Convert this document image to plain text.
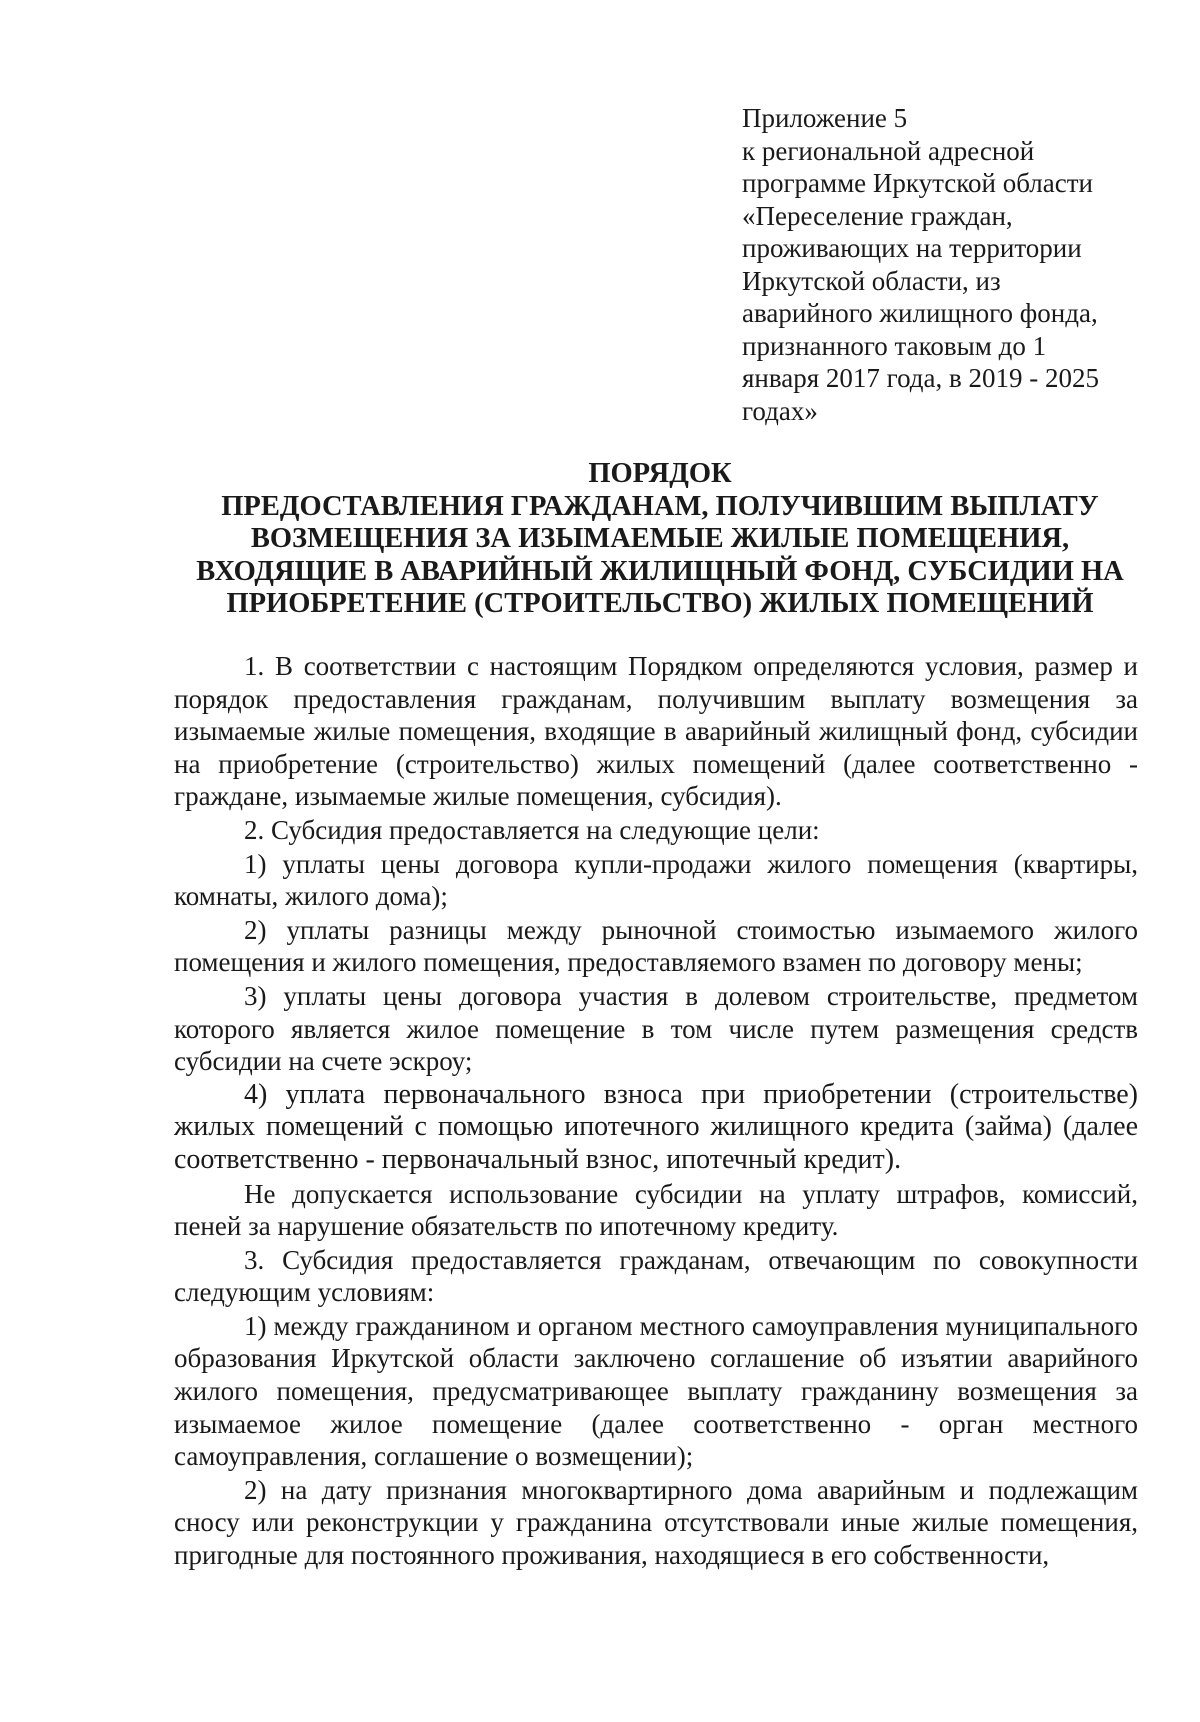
Приложение 5
к региональной адресной
программе Иркутской области
«Переселение граждан,
проживающих на территории
Иркутской области, из
аварийного жилищного фонда,
признанного таковым до 1
января 2017 года, в 2019 - 2025
годах»
ПОРЯДОК
ПРЕДОСТАВЛЕНИЯ ГРАЖДАНАМ, ПОЛУЧИВШИМ ВЫПЛАТУ
ВОЗМЕЩЕНИЯ ЗА ИЗЫМАЕМЫЕ ЖИЛЫЕ ПОМЕЩЕНИЯ,
ВХОДЯЩИЕ В АВАРИЙНЫЙ ЖИЛИЩНЫЙ ФОНД, СУБСИДИИ НА
ПРИОБРЕТЕНИЕ (СТРОИТЕЛЬСТВО) ЖИЛЫХ ПОМЕЩЕНИЙ

1. В соответствии с настоящим Порядком определяются условия, размер и порядок предоставления гражданам, получившим выплату возмещения за изымаемые жилые помещения, входящие в аварийный жилищный фонд, субсидии на приобретение (строительство) жилых помещений (далее соответственно - граждане, изымаемые жилые помещения, субсидия).

2. Субсидия предоставляется на следующие цели:

1) уплаты цены договора купли-продажи жилого помещения (квартиры, комнаты, жилого дома);

2) уплаты разницы между рыночной стоимостью изымаемого жилого помещения и жилого помещения, предоставляемого взамен по договору мены;

3) уплаты цены договора участия в долевом строительстве, предметом которого является жилое помещение в том числе путем размещения средств субсидии на счете эскроу;

4) уплата первоначального взноса при приобретении (строительстве) жилых помещений с помощью ипотечного жилищного кредита (займа) (далее соответственно - первоначальный взнос, ипотечный кредит).

Не допускается использование субсидии на уплату штрафов, комиссий, пеней за нарушение обязательств по ипотечному кредиту.

3. Субсидия предоставляется гражданам, отвечающим по совокупности следующим условиям:

1) между гражданином и органом местного самоуправления муниципального образования Иркутской области заключено соглашение об изъятии аварийного жилого помещения, предусматривающее выплату гражданину возмещения за изымаемое жилое помещение (далее соответственно - орган местного самоуправления, соглашение о возмещении);

2) на дату признания многоквартирного дома аварийным и подлежащим сносу или реконструкции у гражданина отсутствовали иные жилые помещения, пригодные для постоянного проживания, находящиеся в его собственности,
